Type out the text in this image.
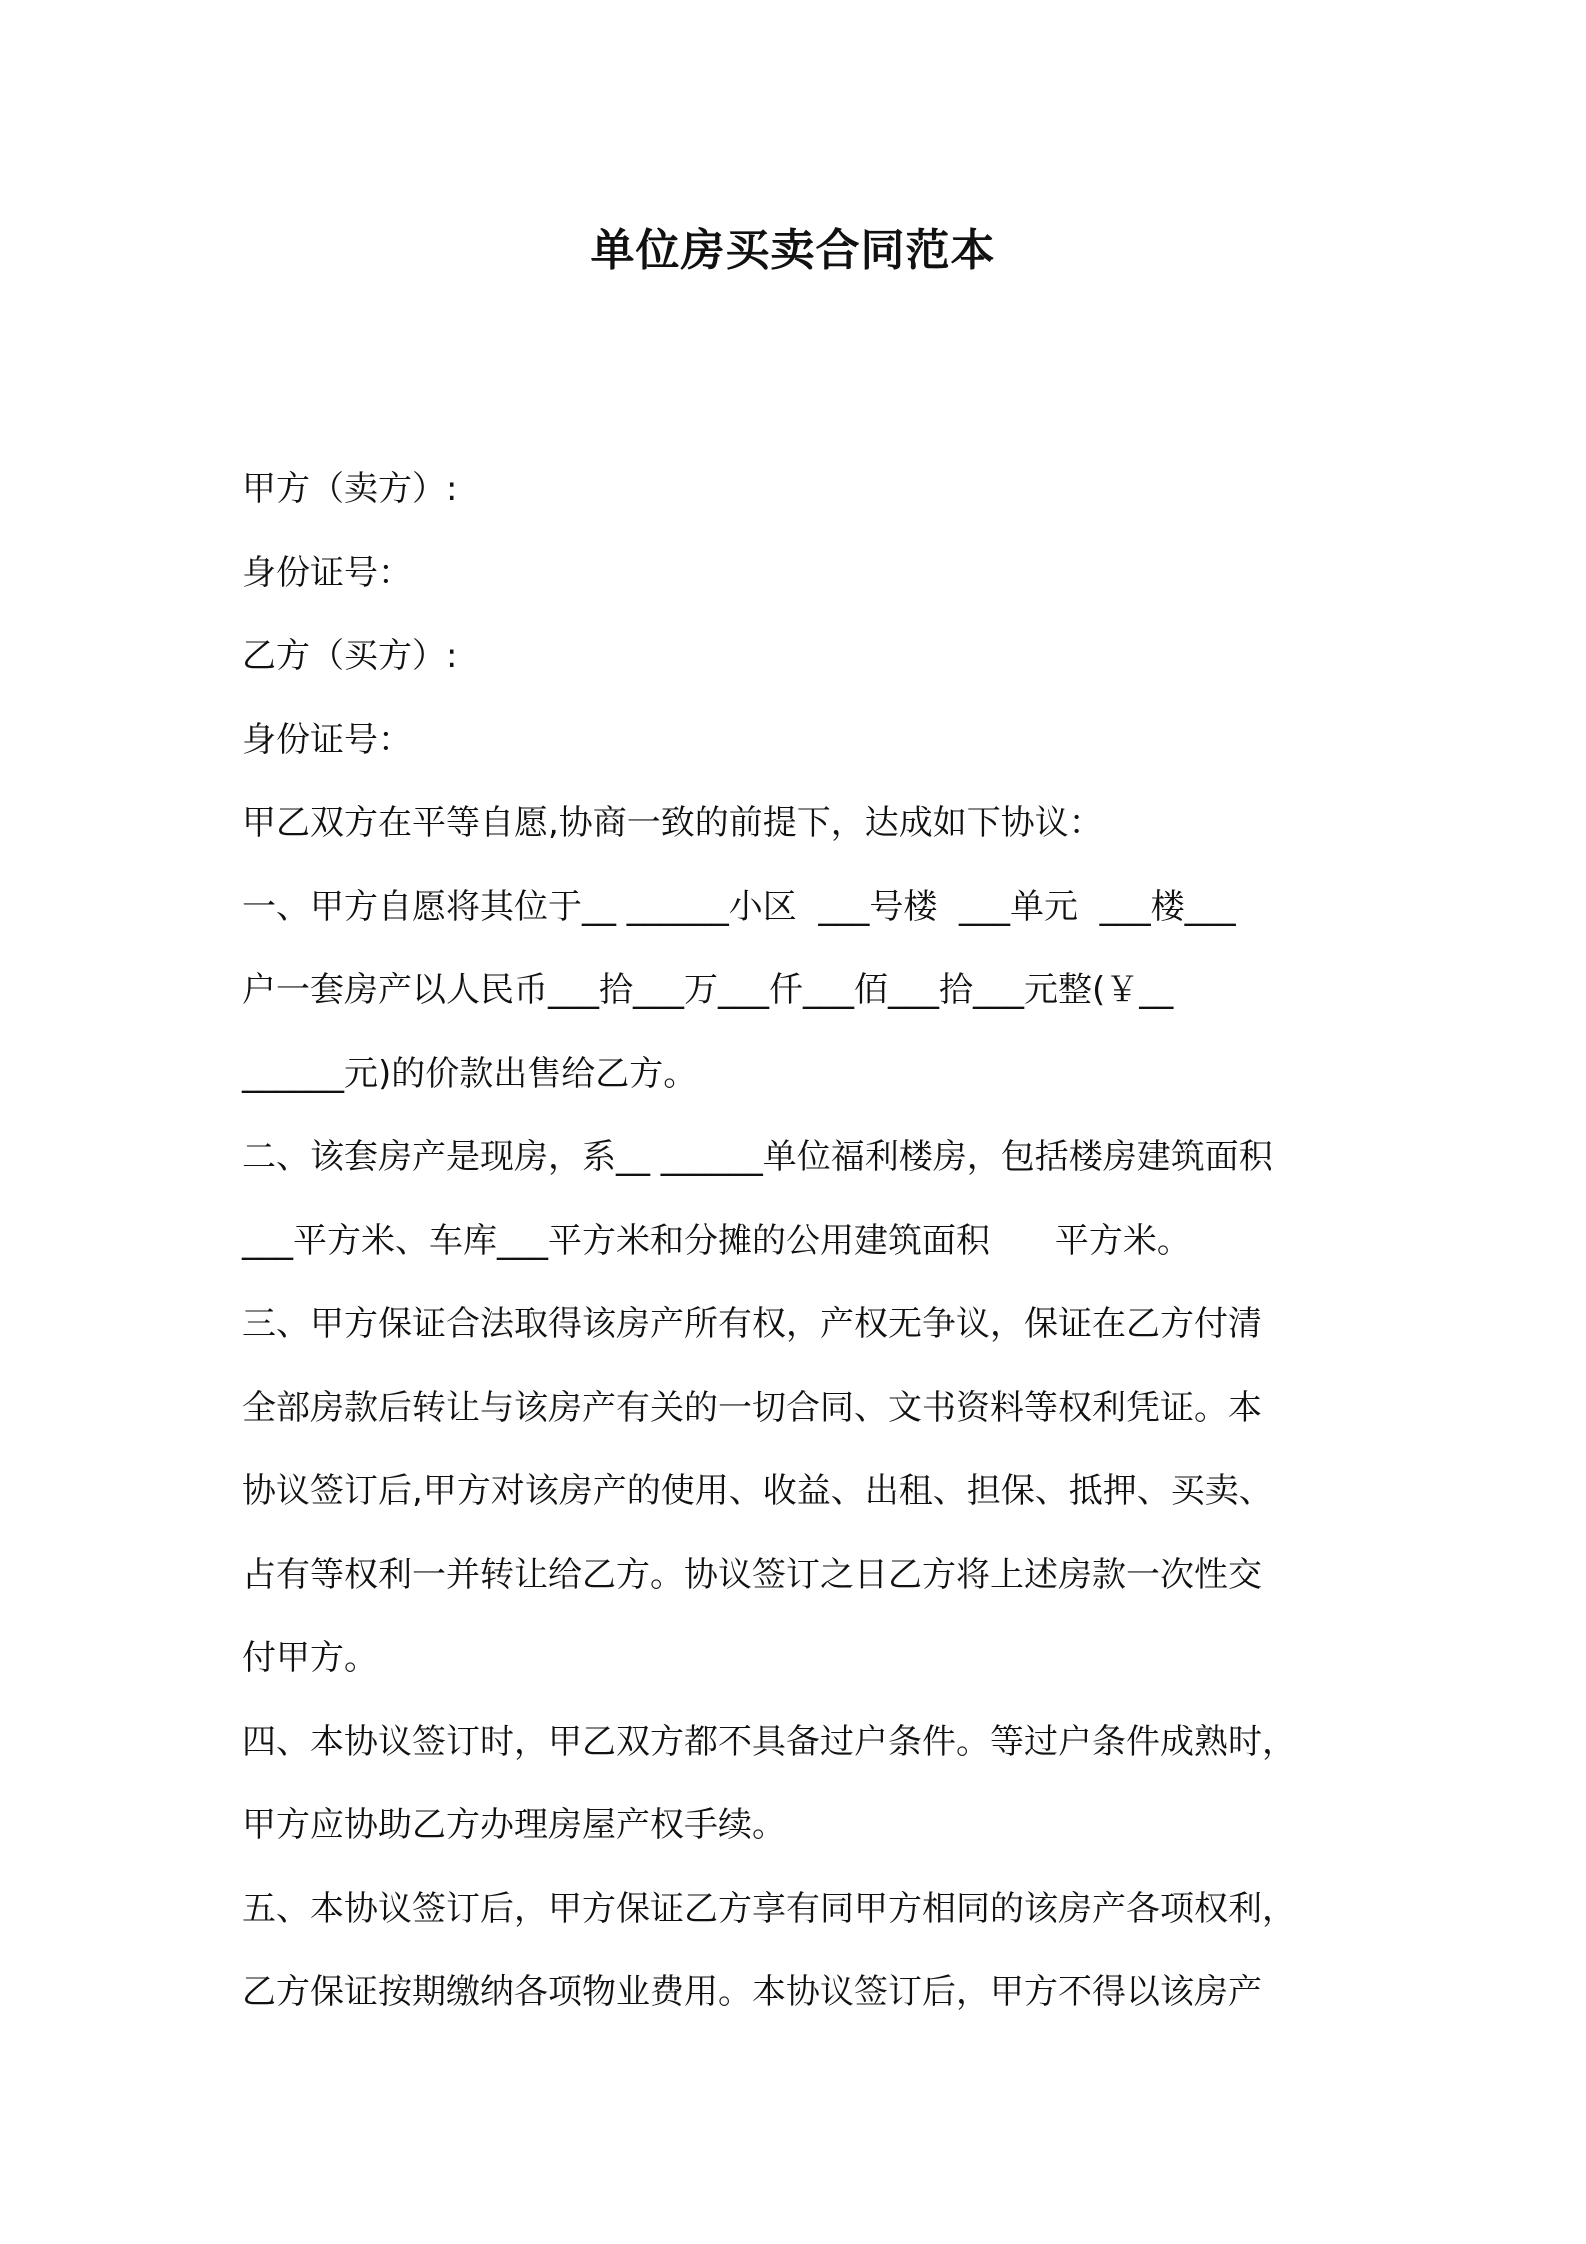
单位房买卖合同范本
甲方（卖方）:
身份证号：
乙方（买方）:
身份证号：
甲乙双方在平等自愿,协商一致的前提下，达成如下协议：
一、甲方自愿将其位于__ ______小区  ___号楼  ___单元  ___楼___
户一套房产以人民币___拾___万___仟___佰___拾___元整(￥__
______元)的价款出售给乙方。
二、该套房产是现房，系__ ______单位福利楼房，包括楼房建筑面积
___平方米、车库___平方米和分摊的公用建筑面积      平方米。
三、甲方保证合法取得该房产所有权，产权无争议，保证在乙方付清
全部房款后转让与该房产有关的一切合同、文书资料等权利凭证。本
协议签订后,甲方对该房产的使用、收益、出租、担保、抵押、买卖、
占有等权利一并转让给乙方。协议签订之日乙方将上述房款一次性交
付甲方。
四、本协议签订时，甲乙双方都不具备过户条件。等过户条件成熟时，
甲方应协助乙方办理房屋产权手续。
五、本协议签订后，甲方保证乙方享有同甲方相同的该房产各项权利，
乙方保证按期缴纳各项物业费用。本协议签订后，甲方不得以该房产
